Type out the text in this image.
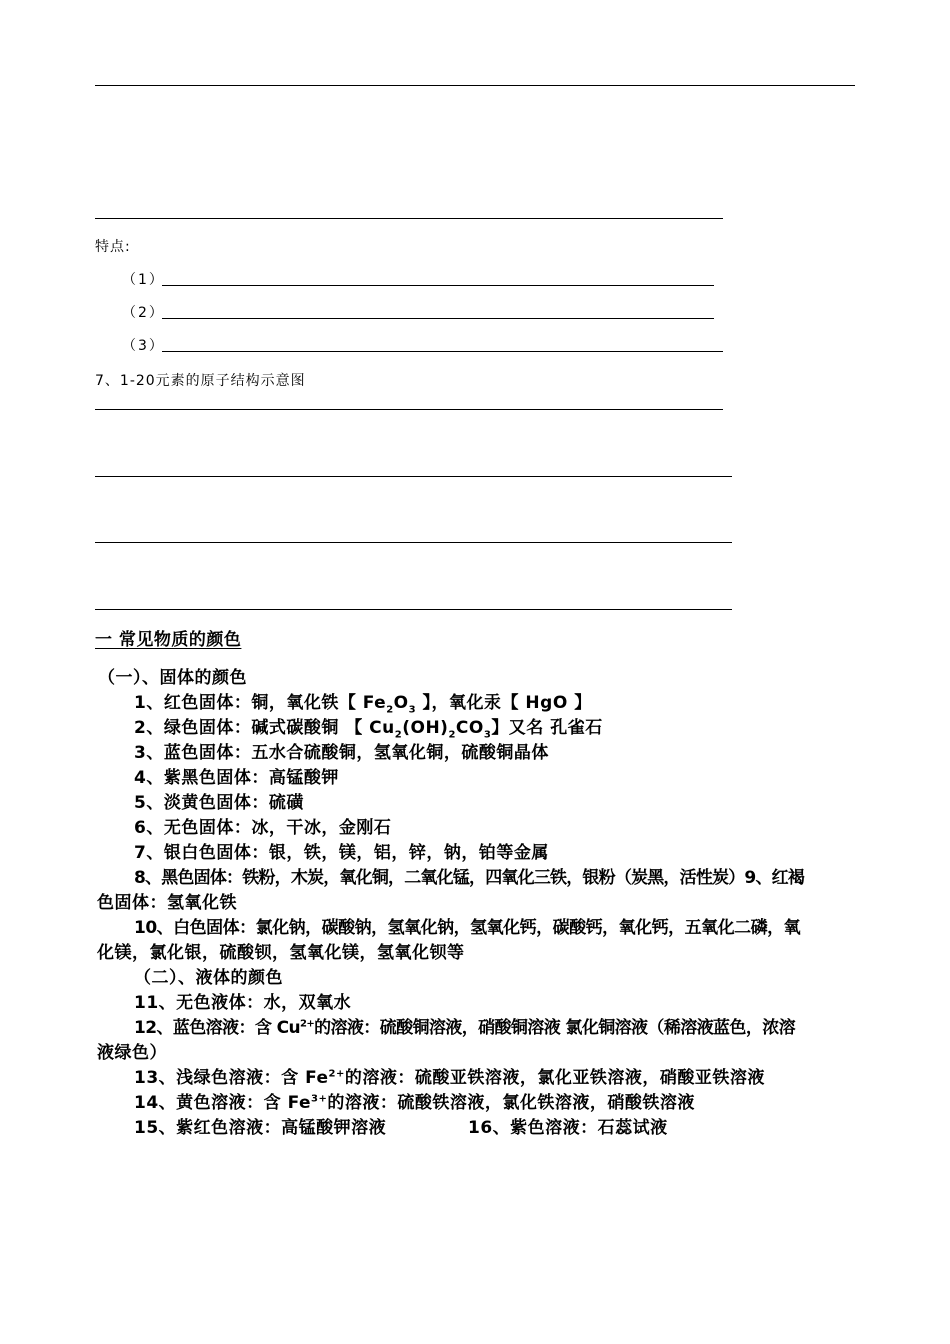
特点:
（1）
（2）
（3）
7、1-20元素的原子结构示意图
一 常见物质的颜色
（一）、固体的颜色
1、红色固体：铜，氧化铁【 $Fe_2O_3$ 】，氧化汞【 HgO 】
2、绿色固体：碱式碳酸铜 【 $Cu_2(OH)_2CO_3$】又名 孔雀石
3、蓝色固体：五水合硫酸铜，氢氧化铜，硫酸铜晶体
4、紫黑色固体：高锰酸钾
5、淡黄色固体：硫磺
6、无色固体：冰，干冰，金刚石
7、银白色固体：银，铁，镁，铝，锌，钠，铂等金属
8、黑色固体：铁粉，木炭，氧化铜，二氧化锰，四氧化三铁，银粉（炭黑，活性炭）9、红褐
色固体：氢氧化铁
10、白色固体：氯化钠，碳酸钠，氢氧化钠，氢氧化钙，碳酸钙，氧化钙，五氧化二磷，氧
化镁，氯化银，硫酸钡，氢氧化镁，氢氧化钡等
（二）、液体的颜色
11、无色液体：水，双氧水
12、蓝色溶液：含 $Cu^{2+}$的溶液：硫酸铜溶液，硝酸铜溶液 氯化铜溶液（稀溶液蓝色，浓溶
液绿色）
13、浅绿色溶液：含 $Fe^{2+}$的溶液：硫酸亚铁溶液，氯化亚铁溶液，硝酸亚铁溶液
14、黄色溶液：含 $Fe^{3+}$的溶液：硫酸铁溶液，氯化铁溶液，硝酸铁溶液
15、紫红色溶液：高锰酸钾溶液	16、紫色溶液：石蕊试液
